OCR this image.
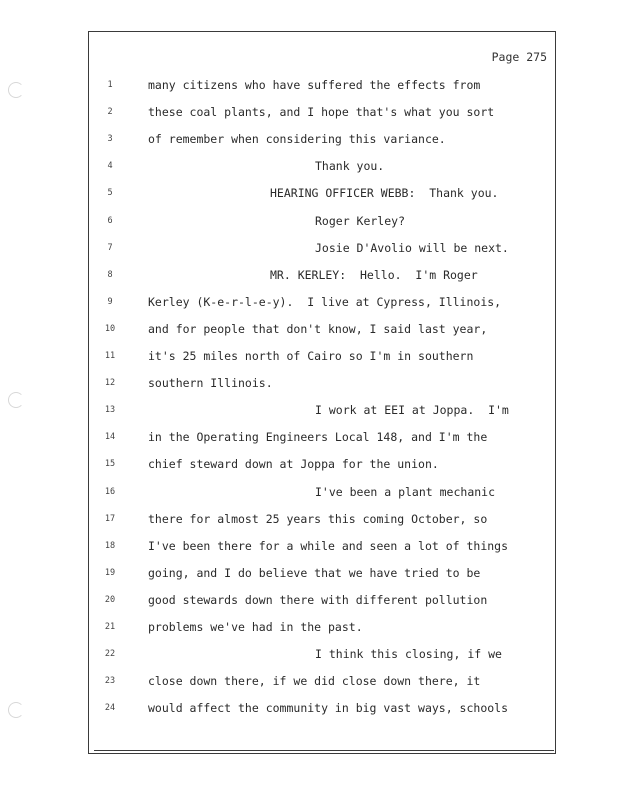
Page 275
1	many citizens who have suffered the effects from
2	these coal plants, and I hope that's what you sort
3	of remember when considering this variance.
4	Thank you.
5	HEARING OFFICER WEBB:  Thank you.
6	Roger Kerley?
7	Josie D'Avolio will be next.
8	MR. KERLEY:  Hello.  I'm Roger
9	Kerley (K-e-r-l-e-y).  I live at Cypress, Illinois,
10	and for people that don't know, I said last year,
11	it's 25 miles north of Cairo so I'm in southern
12	southern Illinois.
13	I work at EEI at Joppa.  I'm
14	in the Operating Engineers Local 148, and I'm the
15	chief steward down at Joppa for the union.
16	I've been a plant mechanic
17	there for almost 25 years this coming October, so
18	I've been there for a while and seen a lot of things
19	going, and I do believe that we have tried to be
20	good stewards down there with different pollution
21	problems we've had in the past.
22	I think this closing, if we
23	close down there, if we did close down there, it
24	would affect the community in big vast ways, schools
